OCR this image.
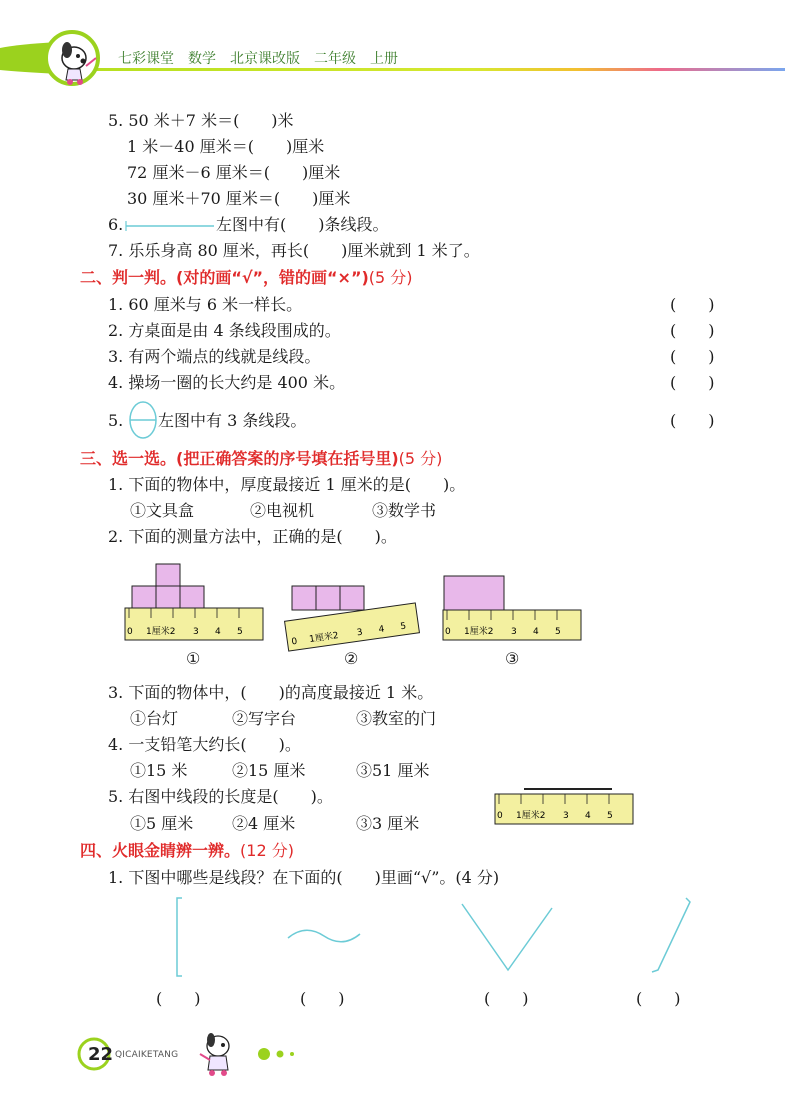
七彩课堂　数学　北京课改版　二年级　上册
5. 50 米＋7 米＝(　　)米
1 米－40 厘米＝(　　)厘米
72 厘米－6 厘米＝(　　)厘米
30 厘米＋70 厘米＝(　　)厘米
6.	左图中有(　　)条线段。
7. 乐乐身高 80 厘米，再长(　　)厘米就到 1 米了。
二、判一判。(对的画“√”，错的画“×”)(5 分)
1. 60 厘米与 6 米一样长。	(　　)
2. 方桌面是由 4 条线段围成的。	(　　)
3. 有两个端点的线就是线段。	(　　)
4. 操场一圈的长大约是 400 米。	(　　)
5. 左图中有 3 条线段。	(　　)
三、选一选。(把正确答案的序号填在括号里)(5 分)
1. 下面的物体中，厚度最接近 1 厘米的是(　　)。
①文具盒	②电视机	③数学书
2. 下面的测量方法中，正确的是(　　)。
0 1厘米2 3 4 5
0 1厘米2 3 4 5	0 1厘米2 3 4 5
①	②	③
3. 下面的物体中，(　　)的高度最接近 1 米。
①台灯	②写字台	③教室的门
4. 一支铅笔大约长(　　)。
①15 米	②15 厘米	③51 厘米
5. 右图中线段的长度是(　　)。
0 1厘米2 3 4 5
①5 厘米 ②4 厘米	③3 厘米
四、火眼金睛辨一辨。(12 分)
1. 下图中哪些是线段？在下面的(　　)里画“√”。(4 分)
(　　)	(　　)	(　　)	(　　)
22 QICAIKETANG
